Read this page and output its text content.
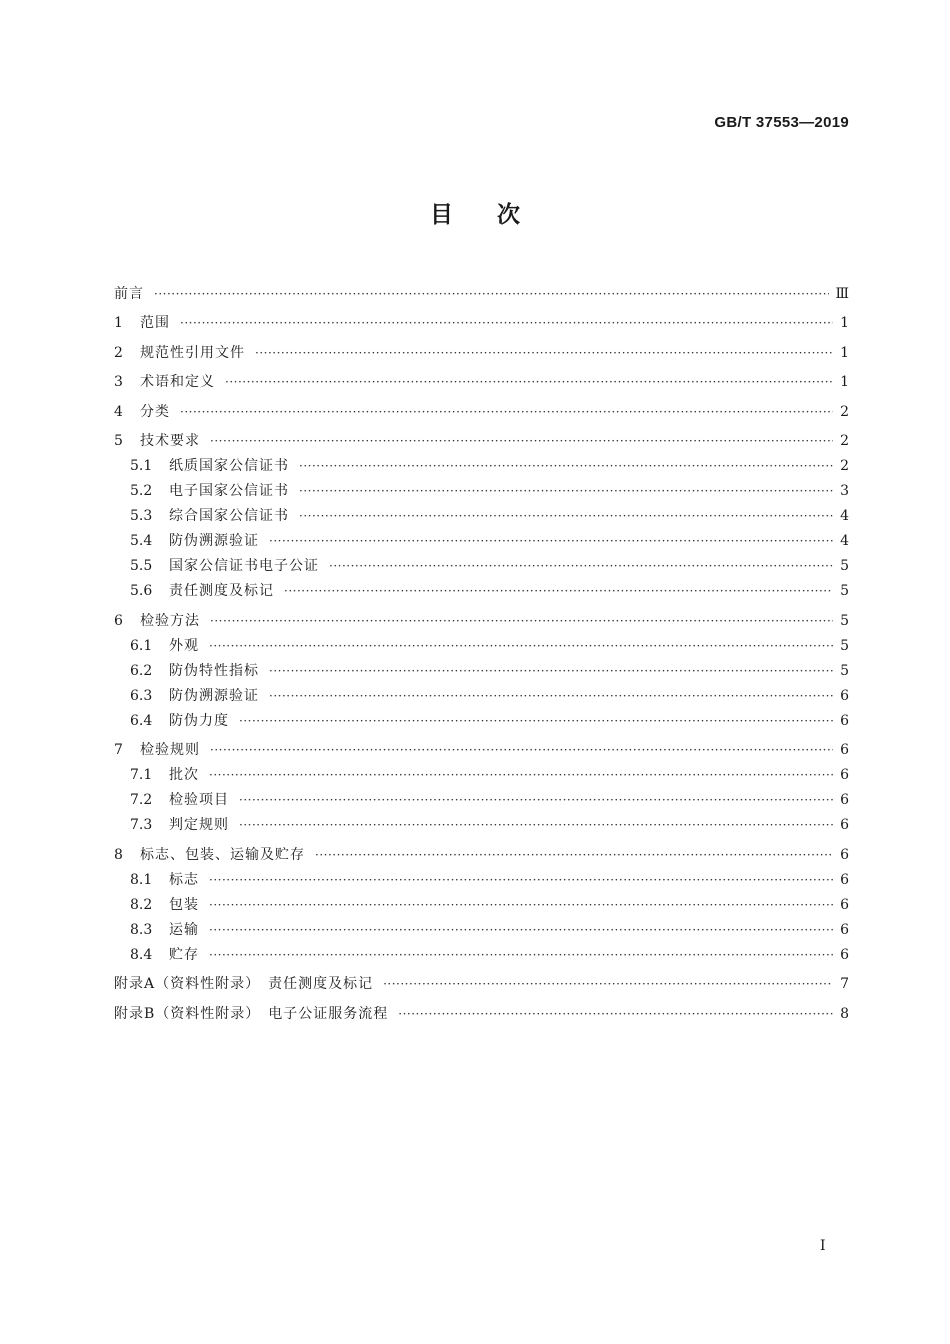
GB/T 37553—2019
目次
前言 ·····	Ⅲ
1	范围 ·····	1
2	规范性引用文件 ·····	1
3	术语和定义 ·····	1
4	分类 ·····	2
5	技术要求 ·····	2
5.1	纸质国家公信证书 ·····	2
5.2	电子国家公信证书 ·····	3
5.3	综合国家公信证书 ·····	4
5.4	防伪溯源验证 ·····	4
5.5	国家公信证书电子公证 ·····	5
5.6	责任测度及标记 ·····	5
6	检验方法 ·····	5
6.1	外观 ·····	5
6.2	防伪特性指标 ·····	5
6.3	防伪溯源验证 ·····	6
6.4	防伪力度 ·····	6
7	检验规则 ·····	6
7.1	批次 ·····	6
7.2	检验项目 ·····	6
7.3	判定规则 ·····	6
8	标志、包装、运输及贮存 ·····	6
8.1	标志 ·····	6
8.2	包装 ·····	6
8.3	运输 ·····	6
8.4	贮存 ·····	6
附录A（资料性附录）　责任测度及标记 ·····	7
附录B（资料性附录）　电子公证服务流程 ·····	8
I
